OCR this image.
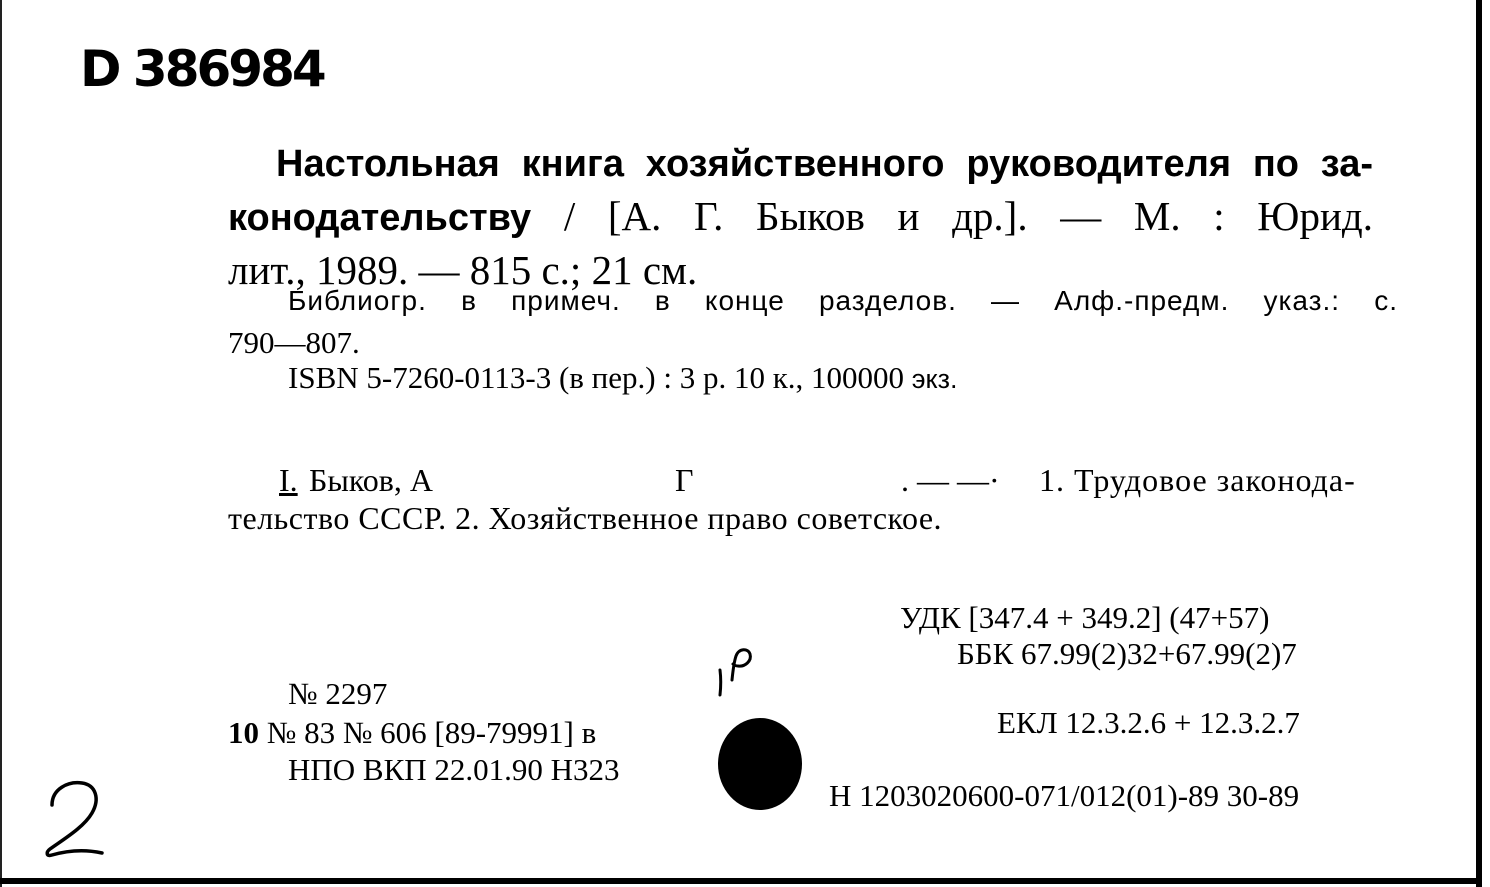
D 386984
Настольная книга хозяйственного руководителя по за-
конодательству / [А. Г. Быков и др.]. — М. : Юрид.
лит., 1989. — 815 с.; 21 см.
Библиогр. в примеч. в конце разделов. — Алф.-предм. указ.: с.
790—807.
ISBN 5-7260-0113-3 (в пер.) : 3 р. 10 к., 100000 экз.
I. Быков, А	Г	. — —· 1. Трудовое законода-
тельство СССР. 2. Хозяйственное право советское.
УДК [347.4 + 349.2] (47+57)
ББК 67.99(2)32+67.99(2)7
ЕКЛ 12.3.2.6 + 12.3.2.7
Н 1203020600-071/012(01)-89 30-89
№ 2297
10 № 83 № 606 [89-79991] в
НПО ВКП 22.01.90 Н323
